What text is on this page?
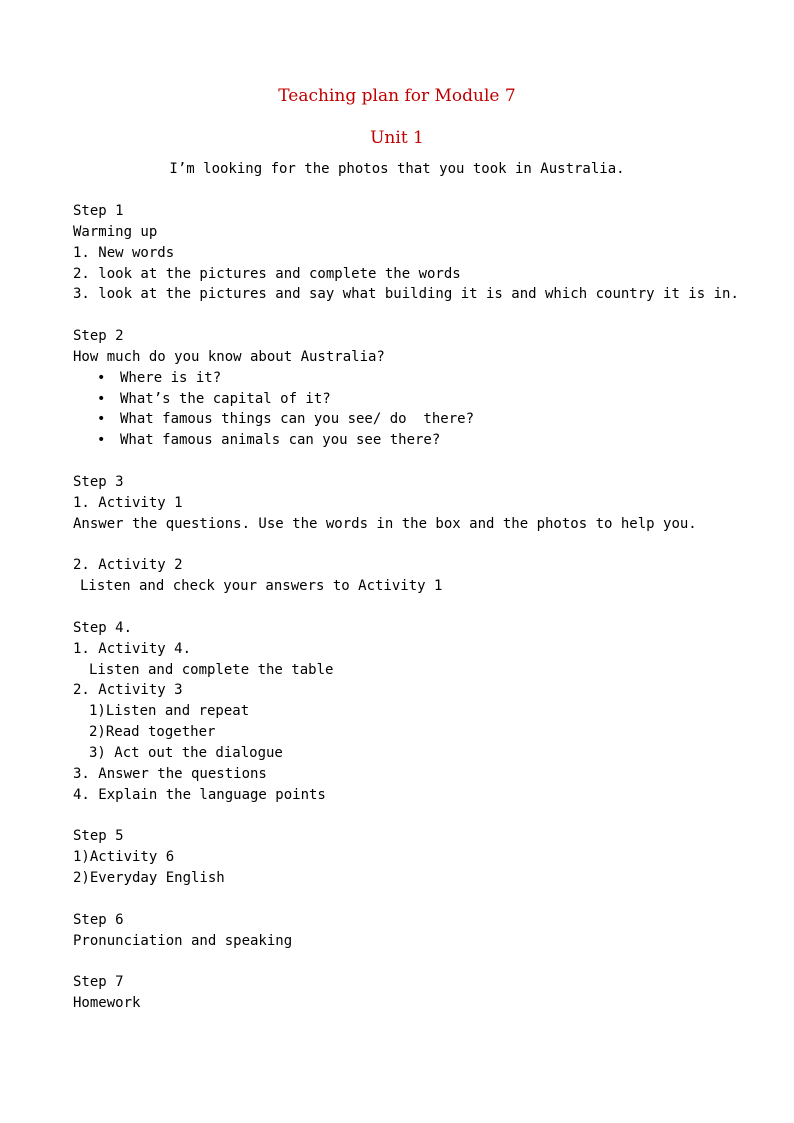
Teaching plan for Module 7
Unit 1
I’m looking for the photos that you took in Australia.
Step 1
Warming up
1. New words
2. look at the pictures and complete the words
3. look at the pictures and say what building it is and which country it is in.
Step 2
How much do you know about Australia?
• Where is it?
• What’s the capital of it?
• What famous things can you see/ do  there?
• What famous animals can you see there?
Step 3
1. Activity 1
Answer the questions. Use the words in the box and the photos to help you.
2. Activity 2
Listen and check your answers to Activity 1
Step 4.
1. Activity 4.
Listen and complete the table
2. Activity 3
1)Listen and repeat
2)Read together
3) Act out the dialogue
3. Answer the questions
4. Explain the language points
Step 5
1)Activity 6
2)Everyday English
Step 6
Pronunciation and speaking
Step 7
Homework
